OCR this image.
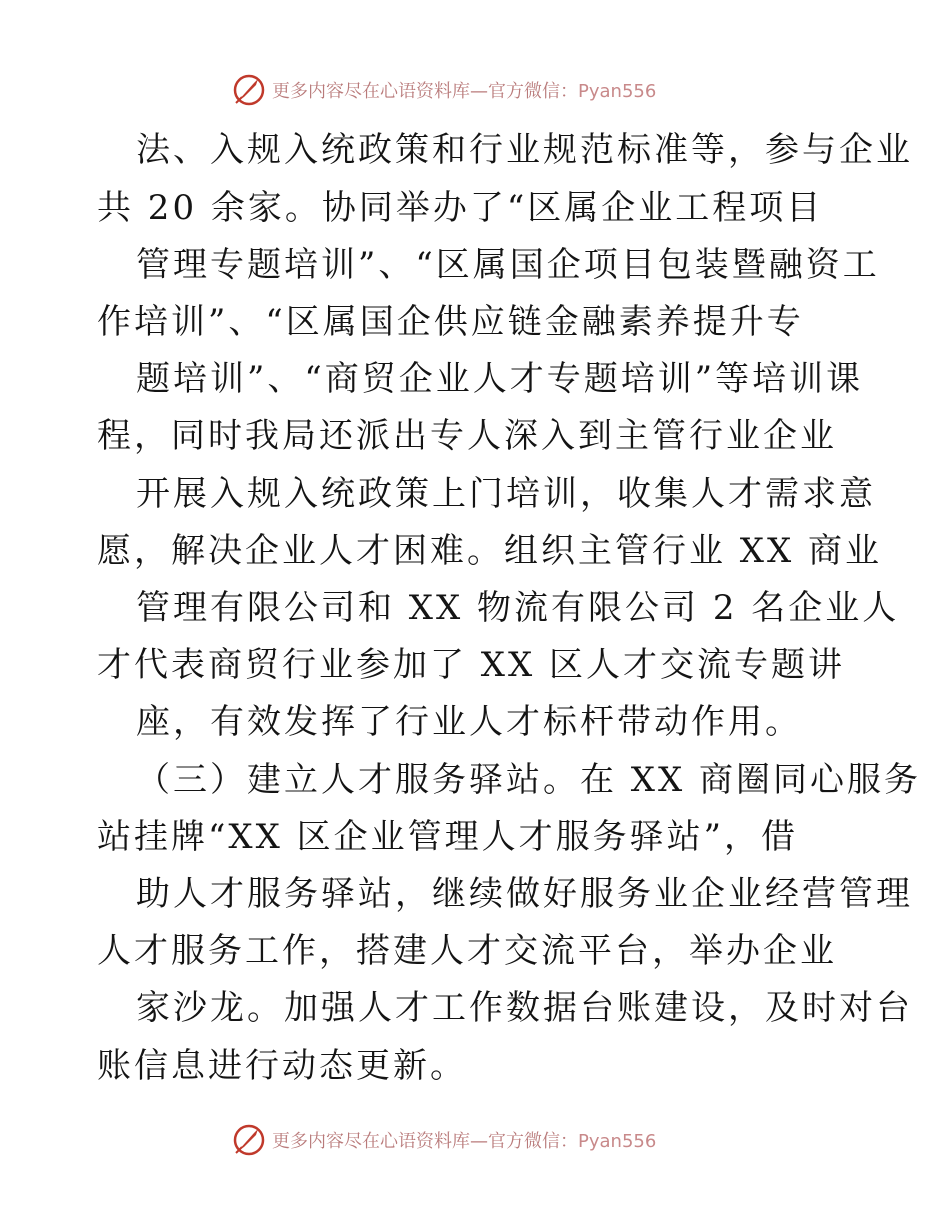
更多内容尽在心语资料库—官方微信：Pyan556
法、入规入统政策和行业规范标准等，参与企业
共 20 余家。协同举办了“区属企业工程项目
管理专题培训”、“区属国企项目包装暨融资工
作培训”、“区属国企供应链金融素养提升专
题培训”、“商贸企业人才专题培训”等培训课
程，同时我局还派出专人深入到主管行业企业
开展入规入统政策上门培训，收集人才需求意
愿，解决企业人才困难。组织主管行业 XX 商业
管理有限公司和 XX 物流有限公司 2 名企业人
才代表商贸行业参加了 XX 区人才交流专题讲
座，有效发挥了行业人才标杆带动作用。
（三）建立人才服务驿站。在 XX 商圈同心服务
站挂牌“XX 区企业管理人才服务驿站”，借
助人才服务驿站，继续做好服务业企业经营管理
人才服务工作，搭建人才交流平台，举办企业
家沙龙。加强人才工作数据台账建设，及时对台
账信息进行动态更新。
更多内容尽在心语资料库—官方微信：Pyan556
